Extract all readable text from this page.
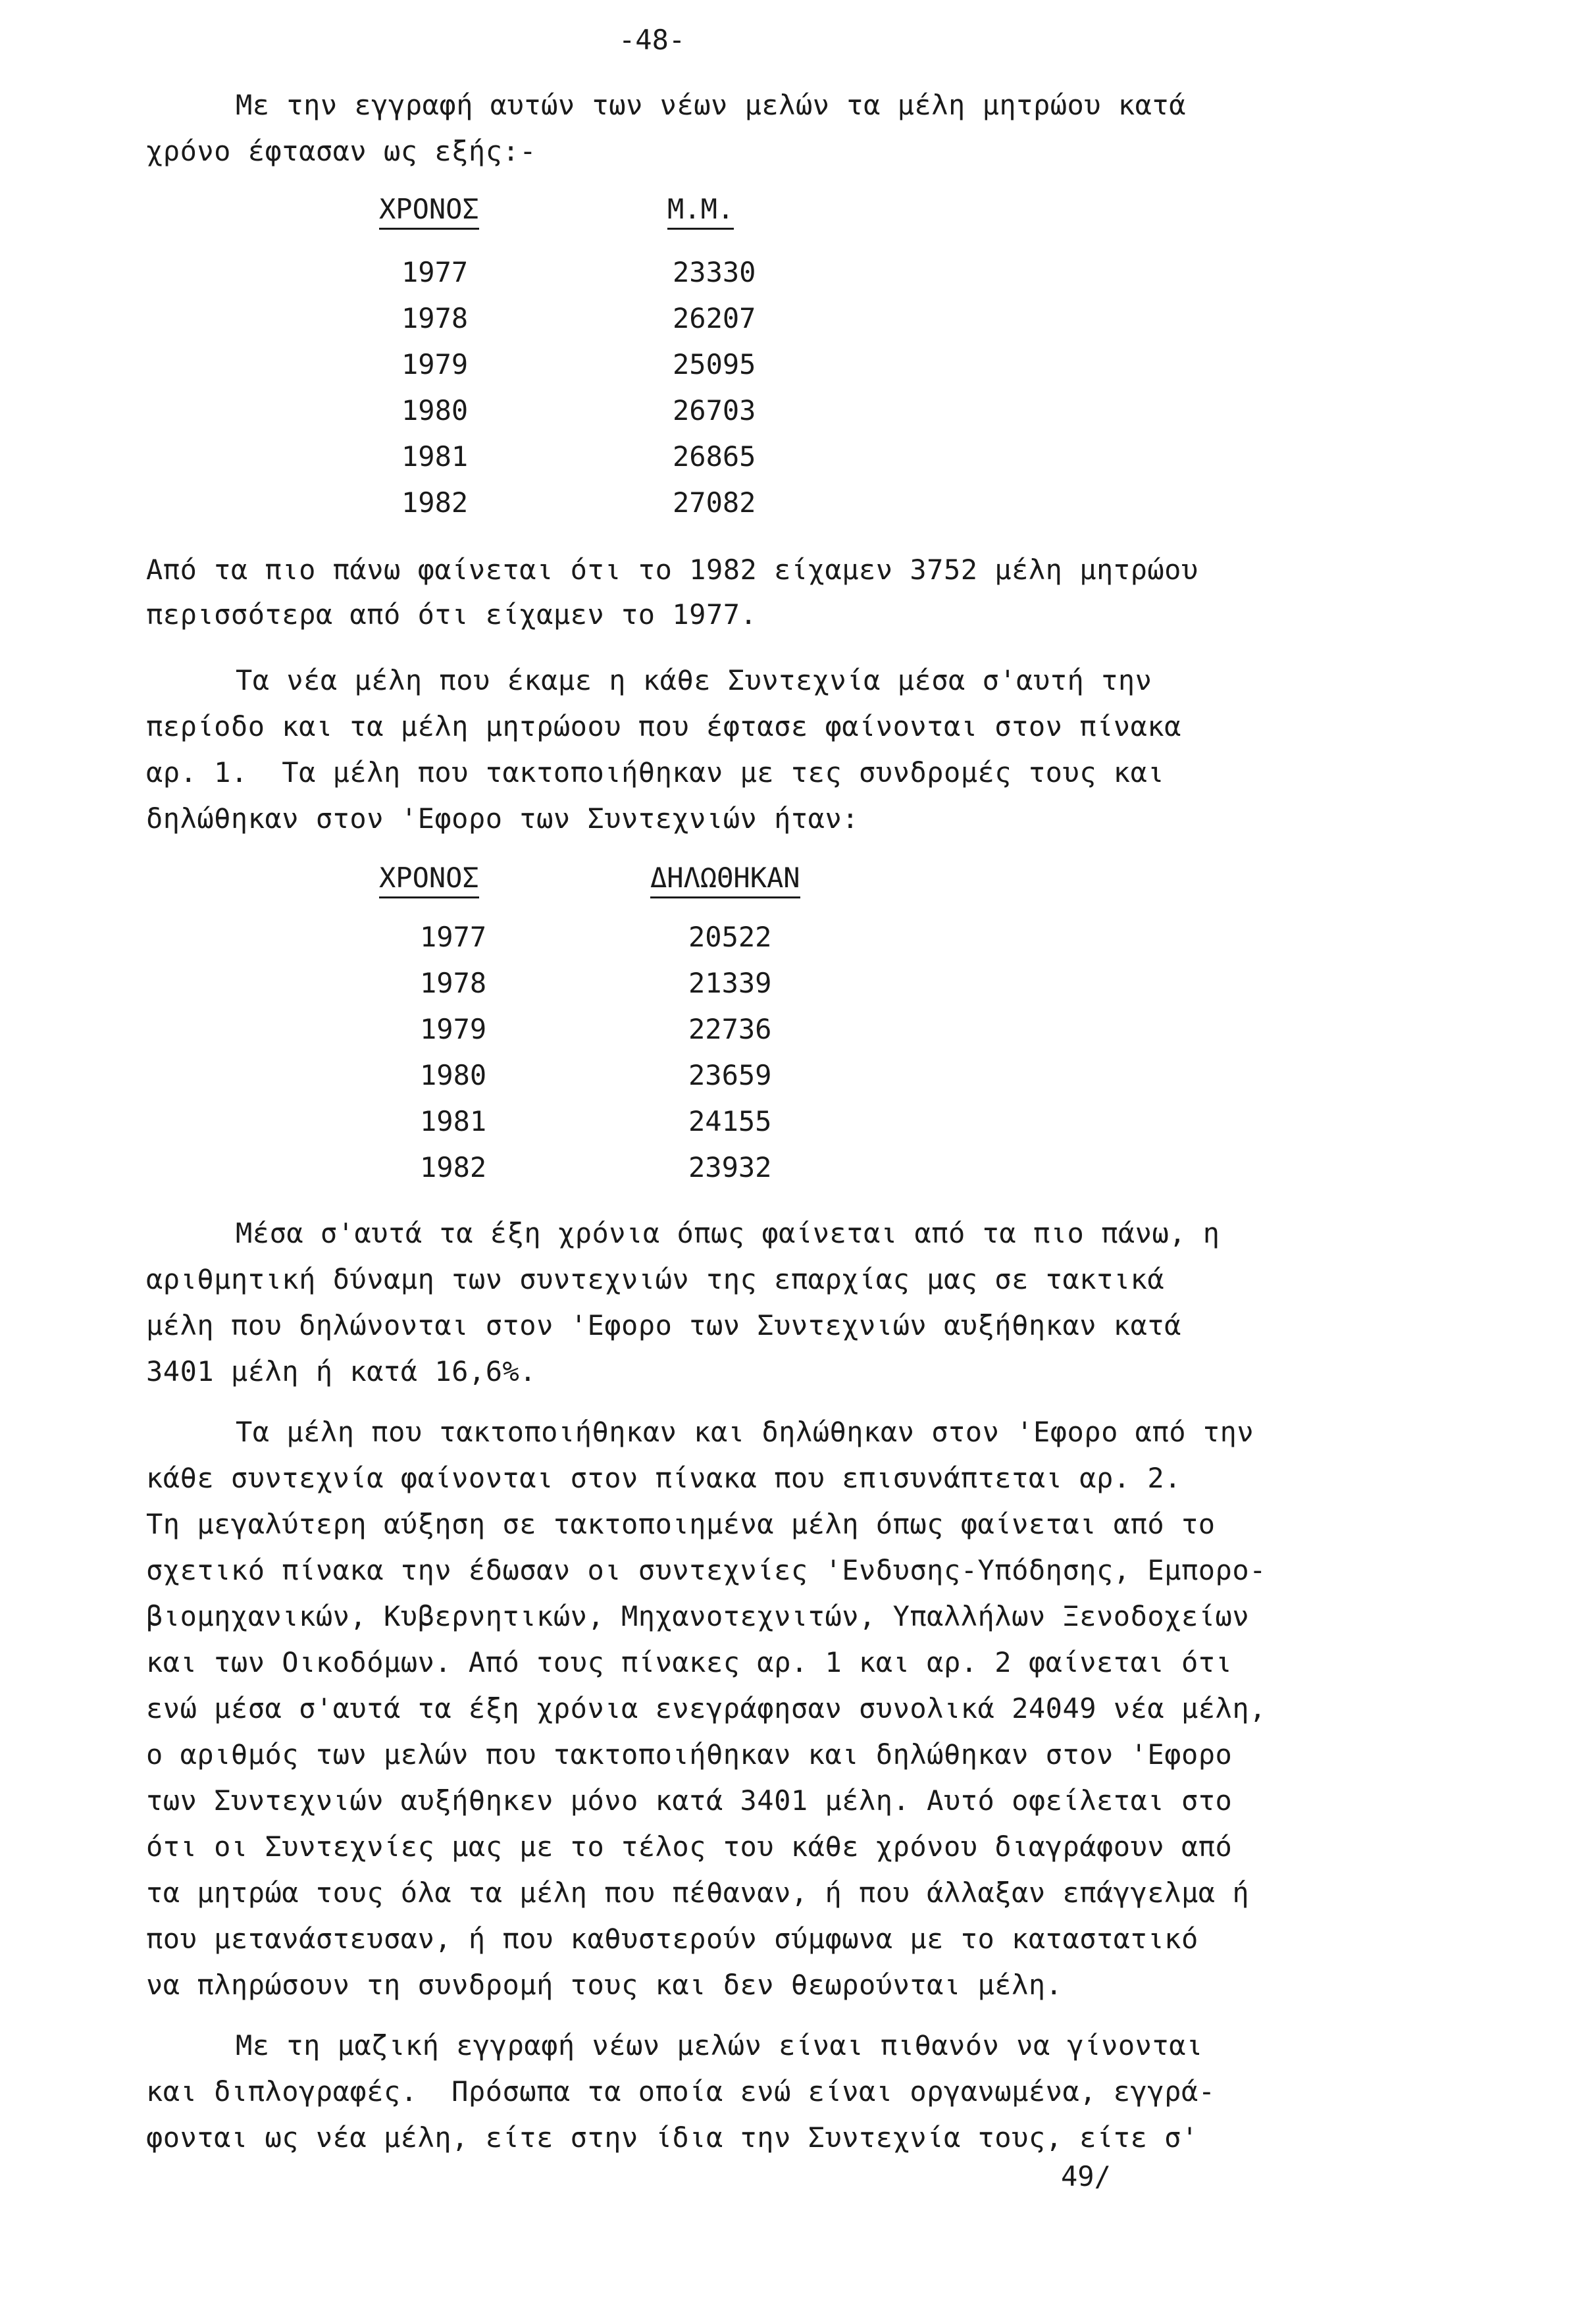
-48-
Με την εγγραφή αυτών των νέων μελών τα μέλη μητρώου κατά
χρόνο έφτασαν ως εξής:-
ΧΡΟΝΟΣ	Μ.Μ.
1977	23330
1978	26207
1979	25095
1980	26703
1981	26865
1982	27082
Από τα πιο πάνω φαίνεται ότι το 1982 είχαμεν 3752 μέλη μητρώου
περισσότερα από ότι είχαμεν το 1977.
Τα νέα μέλη που έκαμε η κάθε Συντεχνία μέσα σ'αυτή την
περίοδο και τα μέλη μητρώοου που έφτασε φαίνονται στον πίνακα
αρ. 1.  Τα μέλη που τακτοποιήθηκαν με τες συνδρομές τους και
δηλώθηκαν στον 'Εφορο των Συντεχνιών ήταν:
ΧΡΟΝΟΣ	ΔΗΛΩΘΗΚΑΝ
1977	20522
1978	21339
1979	22736
1980	23659
1981	24155
1982	23932
Μέσα σ'αυτά τα έξη χρόνια όπως φαίνεται από τα πιο πάνω, η
αριθμητική δύναμη των συντεχνιών της επαρχίας μας σε τακτικά
μέλη που δηλώνονται στον 'Εφορο των Συντεχνιών αυξήθηκαν κατά
3401 μέλη ή κατά 16,6%.
Τα μέλη που τακτοποιήθηκαν και δηλώθηκαν στον 'Εφορο από την
κάθε συντεχνία φαίνονται στον πίνακα που επισυνάπτεται αρ. 2.
Τη μεγαλύτερη αύξηση σε τακτοποιημένα μέλη όπως φαίνεται από το
σχετικό πίνακα την έδωσαν οι συντεχνίες 'Ενδυσης-Υπόδησης, Εμπορο-
βιομηχανικών, Κυβερνητικών, Μηχανοτεχνιτών, Υπαλλήλων Ξενοδοχείων
και των Οικοδόμων. Από τους πίνακες αρ. 1 και αρ. 2 φαίνεται ότι
ενώ μέσα σ'αυτά τα έξη χρόνια ενεγράφησαν συνολικά 24049 νέα μέλη,
ο αριθμός των μελών που τακτοποιήθηκαν και δηλώθηκαν στον 'Εφορο
των Συντεχνιών αυξήθηκεν μόνο κατά 3401 μέλη. Αυτό οφείλεται στο
ότι οι Συντεχνίες μας με το τέλος του κάθε χρόνου διαγράφουν από
τα μητρώα τους όλα τα μέλη που πέθαναν, ή που άλλαξαν επάγγελμα ή
που μετανάστευσαν, ή που καθυστερούν σύμφωνα με το καταστατικό
να πληρώσουν τη συνδρομή τους και δεν θεωρούνται μέλη.
Με τη μαζική εγγραφή νέων μελών είναι πιθανόν να γίνονται
και διπλογραφές.  Πρόσωπα τα οποία ενώ είναι οργανωμένα, εγγρά-
φονται ως νέα μέλη, είτε στην ίδια την Συντεχνία τους, είτε σ'
49/
